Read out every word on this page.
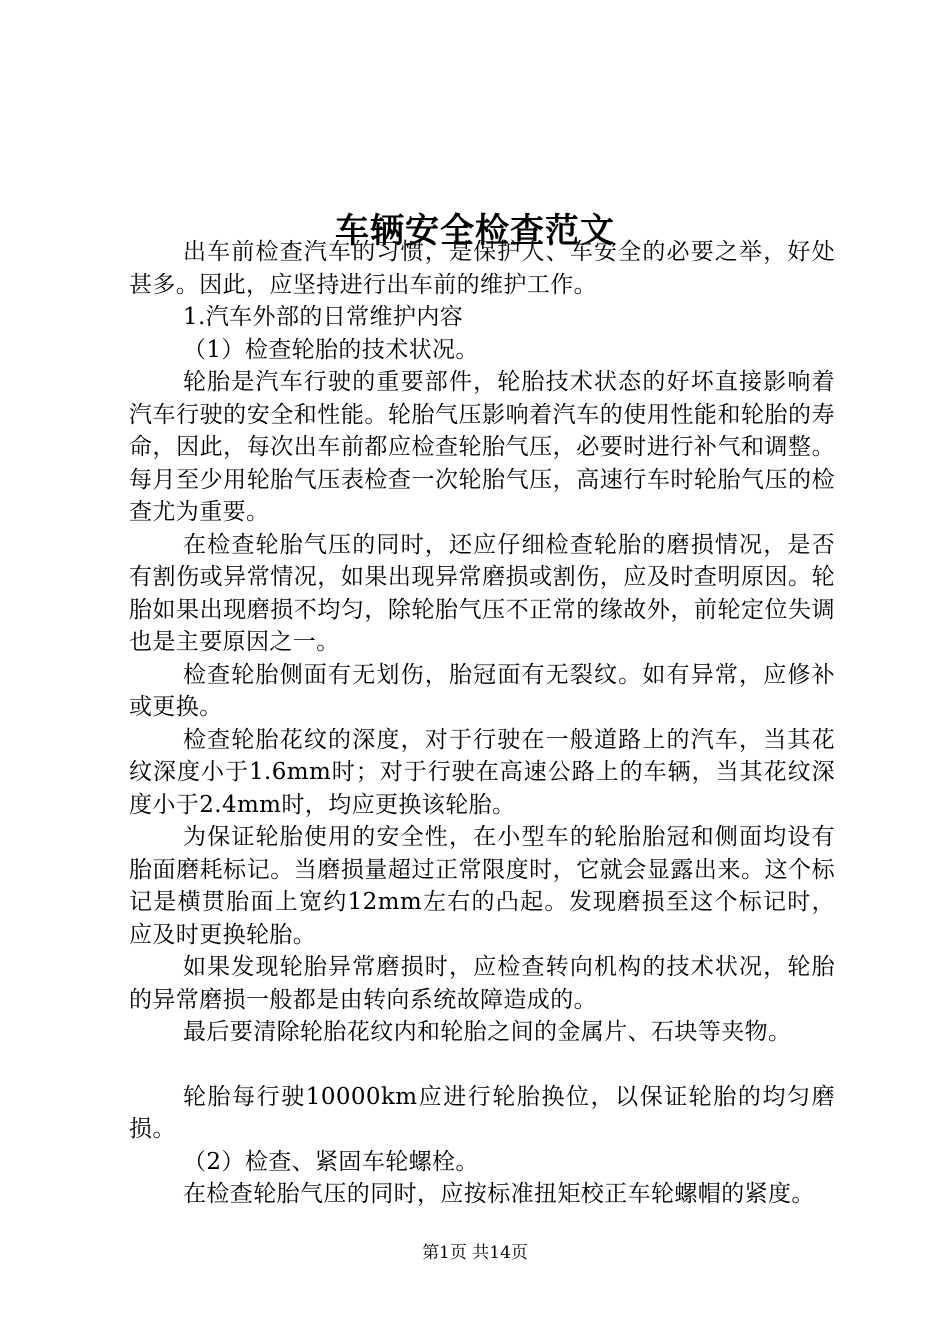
车辆安全检查范文

出车前检查汽车的习惯，是保护人、车安全的必要之举，好处甚多。因此，应坚持进行出车前的维护工作。

1.汽车外部的日常维护内容

（1）检查轮胎的技术状况。

轮胎是汽车行驶的重要部件，轮胎技术状态的好坏直接影响着汽车行驶的安全和性能。轮胎气压影响着汽车的使用性能和轮胎的寿命，因此，每次出车前都应检查轮胎气压，必要时进行补气和调整。每月至少用轮胎气压表检查一次轮胎气压，高速行车时轮胎气压的检查尤为重要。

在检查轮胎气压的同时，还应仔细检查轮胎的磨损情况，是否有割伤或异常情况，如果出现异常磨损或割伤，应及时查明原因。轮胎如果出现磨损不均匀，除轮胎气压不正常的缘故外，前轮定位失调也是主要原因之一。

检查轮胎侧面有无划伤，胎冠面有无裂纹。如有异常，应修补或更换。

检查轮胎花纹的深度，对于行驶在一般道路上的汽车，当其花纹深度小于1.6mm时；对于行驶在高速公路上的车辆，当其花纹深度小于2.4mm时，均应更换该轮胎。

为保证轮胎使用的安全性，在小型车的轮胎胎冠和侧面均设有胎面磨耗标记。当磨损量超过正常限度时，它就会显露出来。这个标记是横贯胎面上宽约12mm左右的凸起。发现磨损至这个标记时，应及时更换轮胎。

如果发现轮胎异常磨损时，应检查转向机构的技术状况，轮胎的异常磨损一般都是由转向系统故障造成的。

最后要清除轮胎花纹内和轮胎之间的金属片、石块等夹物。

轮胎每行驶10000km应进行轮胎换位，以保证轮胎的均匀磨损。

（2）检查、紧固车轮螺栓。

在检查轮胎气压的同时，应按标准扭矩校正车轮螺帽的紧度。

第1页 共14页
